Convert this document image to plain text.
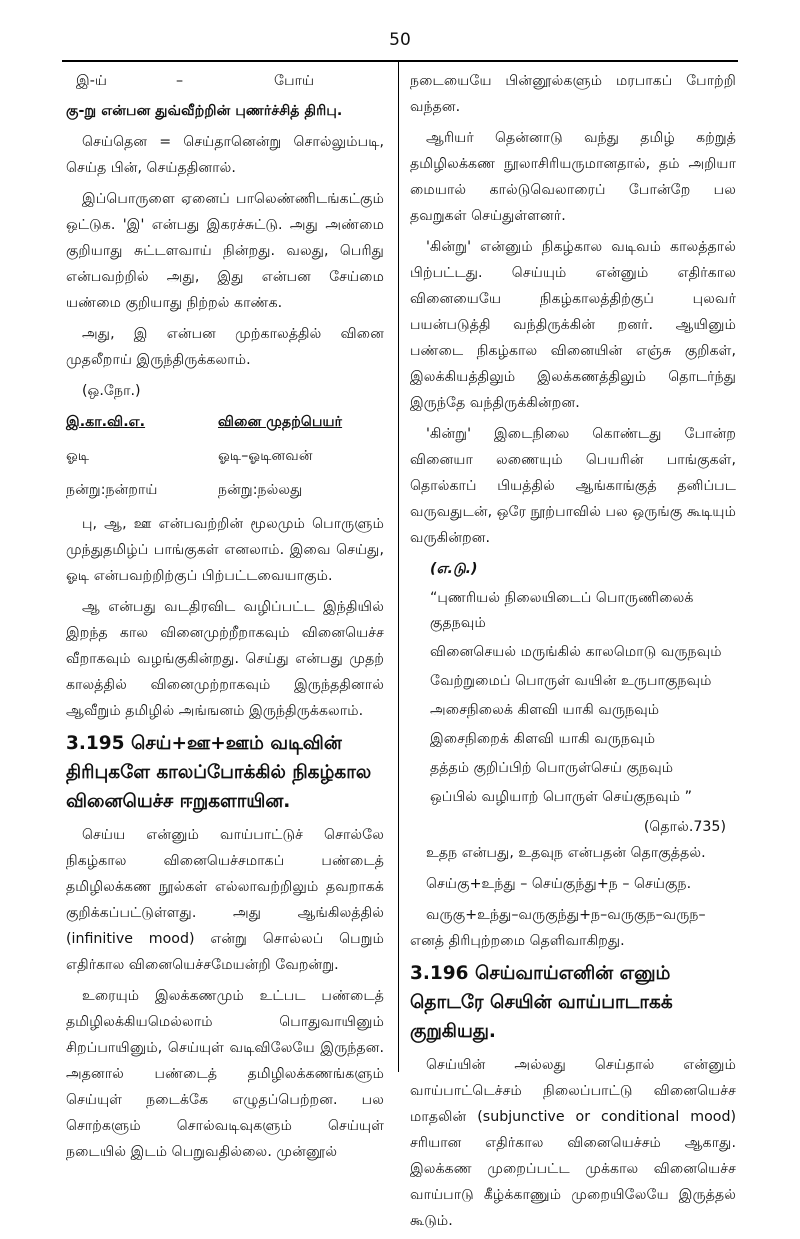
50
இ-ய்	–	போய்

கு-று என்பன துவ்வீற்றின் புணர்ச்சித் திரிபு.

செய்தென = செய்தானென்று சொல்லும்படி, செய்த பின், செய்ததினால்.

இப்பொருளை ஏனைப் பாலெண்ணிடங்கட்கும் ஒட்டுக. 'இ' என்பது இகரச்சுட்டு. அது அண்மை குறியாது சுட்டளவாய் நின்றது. வலது, பெரிது என்பவற்றில் அது, இது என்பன சேய்மை யண்மை குறியாது நிற்றல் காண்க.

அது, இ என்பன முற்காலத்தில் வினை முதலீறாய் இருந்திருக்கலாம்.

(ஒ.நோ.)

இ.கா.வி.எ.	வினை முதற்பெயர்
ஓடி	ஓடி–ஓடினவன்
நன்று:நன்றாய்	நன்று:நல்லது

பு, ஆ, ஊ என்பவற்றின் மூலமும் பொருளும் முந்துதமிழ்ப் பாங்குகள் எனலாம். இவை செய்து, ஓடி என்பவற்றிற்குப் பிற்பட்டவையாகும்.

ஆ என்பது வடதிரவிட வழிப்பட்ட இந்தியில் இறந்த கால வினைமுற்றீறாகவும் வினையெச்ச வீறாகவும் வழங்குகின்றது. செய்து என்பது முதற் காலத்தில் வினைமுற்றாகவும் இருந்ததினால் ஆவீறும் தமிழில் அங்ஙனம் இருந்திருக்கலாம்.

3.195 செய்+ஊ+ஊம் வடிவின் திரிபுகளே காலப்போக்கில் நிகழ்கால வினையெச்ச ஈறுகளாயின.

செய்ய என்னும் வாய்பாட்டுச் சொல்லே நிகழ்கால வினையெச்சமாகப் பண்டைத் தமிழிலக்கண நூல்கள் எல்லாவற்றிலும் தவறாகக் குறிக்கப்பட்டுள்ளது. அது ஆங்கிலத்தில் (infinitive mood) என்று சொல்லப் பெறும் எதிர்கால வினையெச்சமேயன்றி வேறன்று.

உரையும் இலக்கணமும் உட்பட பண்டைத் தமிழிலக்கியமெல்லாம் பொதுவாயினும் சிறப்பாயினும், செய்யுள் வடிவிலேயே இருந்தன. அதனால் பண்டைத் தமிழிலக்கணங்களும் செய்யுள் நடைக்கே எழுதப்பெற்றன. பல சொற்களும் சொல்வடிவுகளும் செய்யுள் நடையில் இடம் பெறுவதில்லை. முன்னூல்

நடையையே பின்னூல்களும் மரபாகப் போற்றி வந்தன.

ஆரியர் தென்னாடு வந்து தமிழ் கற்றுத் தமிழிலக்கண நூலாசிரியருமானதால், தம் அறியா மையால் கால்டுவெலாரைப் போன்றே பல தவறுகள் செய்துள்ளனர்.

'கின்று' என்னும் நிகழ்கால வடிவம் காலத்தால் பிற்பட்டது. செய்யும் என்னும் எதிர்கால வினையையே நிகழ்காலத்திற்குப் புலவர் பயன்படுத்தி வந்திருக்கின் றனர். ஆயினும் பண்டை நிகழ்கால வினையின் எஞ்சு குறிகள், இலக்கியத்திலும் இலக்கணத்திலும் தொடர்ந்து இருந்தே வந்திருக்கின்றன.

'கின்று' இடைநிலை கொண்டது போன்ற வினையா லணையும் பெயரின் பாங்குகள், தொல்காப் பியத்தில் ஆங்காங்குத் தனிப்பட வருவதுடன், ஒரே நூற்பாவில் பல ஒருங்கு கூடியும் வருகின்றன.

(எ.டு.)
“புணரியல் நிலையிடைப் பொருணிலைக் குதநவும்
வினைசெயல் மருங்கில் காலமொடு வருநவும்
வேற்றுமைப் பொருள் வயின் உருபாகுநவும்
அசைநிலைக் கிளவி யாகி வருநவும்
இசைநிறைக் கிளவி யாகி வருநவும்
தத்தம் குறிப்பிற் பொருள்செய் குநவும்
ஒப்பில் வழியாற் பொருள் செய்குநவும் ”
(தொல்.735)

உதந என்பது, உதவுந என்பதன் தொகுத்தல்.

செய்கு+உந்து – செய்குந்து+ந – செய்குந.

வருகு+உந்து–வருகுந்து+ந–வருகுந–வருந– எனத் திரிபுற்றமை தெளிவாகிறது.

3.196 செய்வாய்எனின் எனும் தொடரே செயின் வாய்பாடாகக் குறுகியது.

செய்யின் அல்லது செய்தால் என்னும் வாய்பாட்டெச்சம் நிலைப்பாட்டு வினையெச்ச மாதலின் (subjunctive or conditional mood) சரியான எதிர்கால வினையெச்சம் ஆகாது. இலக்கண முறைப்பட்ட முக்கால வினையெச்ச வாய்பாடு கீழ்க்காணும் முறையிலேயே இருத்தல் கூடும்.
